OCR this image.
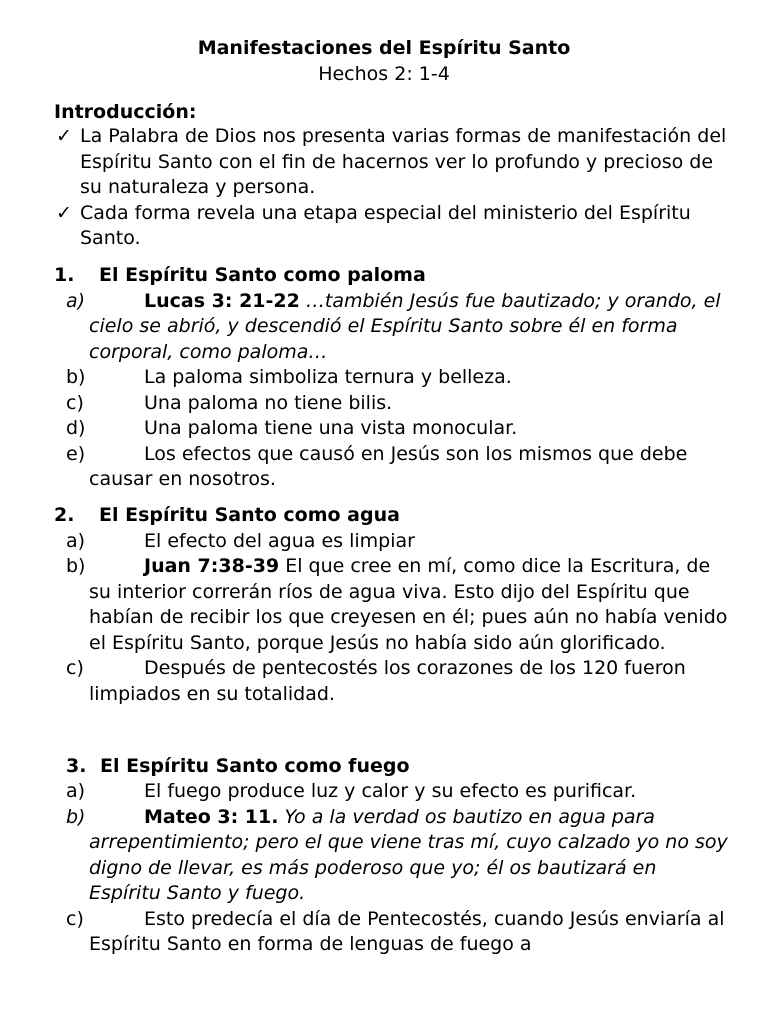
Manifestaciones del Espíritu Santo
Hechos 2: 1-4
Introducción:
✓ La Palabra de Dios nos presenta varias formas de manifestación del Espíritu Santo con el fin de hacernos ver lo profundo y precioso de su naturaleza y persona.
✓ Cada forma revela una etapa especial del ministerio del Espíritu Santo.
1. El Espíritu Santo como paloma
a)	Lucas 3: 21-22 …también Jesús fue bautizado; y orando, el cielo se abrió, y descendió el Espíritu Santo sobre él en forma corporal, como paloma…
b)	La paloma simboliza ternura y belleza.
c)	Una paloma no tiene bilis.
d)	Una paloma tiene una vista monocular.
e)	Los efectos que causó en Jesús son los mismos que debe causar en nosotros.
2. El Espíritu Santo como agua
a)	El efecto del agua es limpiar
b)	Juan 7:38-39 El que cree en mí, como dice la Escritura, de su interior correrán ríos de agua viva. Esto dijo del Espíritu que habían de recibir los que creyesen en él; pues aún no había venido el Espíritu Santo, porque Jesús no había sido aún glorificado.
c)	Después de pentecostés los corazones de los 120 fueron limpiados en su totalidad.
3. El Espíritu Santo como fuego
a)	El fuego produce luz y calor y su efecto es purificar.
b)	Mateo 3: 11. Yo a la verdad os bautizo en agua para arrepentimiento; pero el que viene tras mí, cuyo calzado yo no soy digno de llevar, es más poderoso que yo; él os bautizará en Espíritu Santo y fuego.
c)	Esto predecía el día de Pentecostés, cuando Jesús enviaría al Espíritu Santo en forma de lenguas de fuego a
